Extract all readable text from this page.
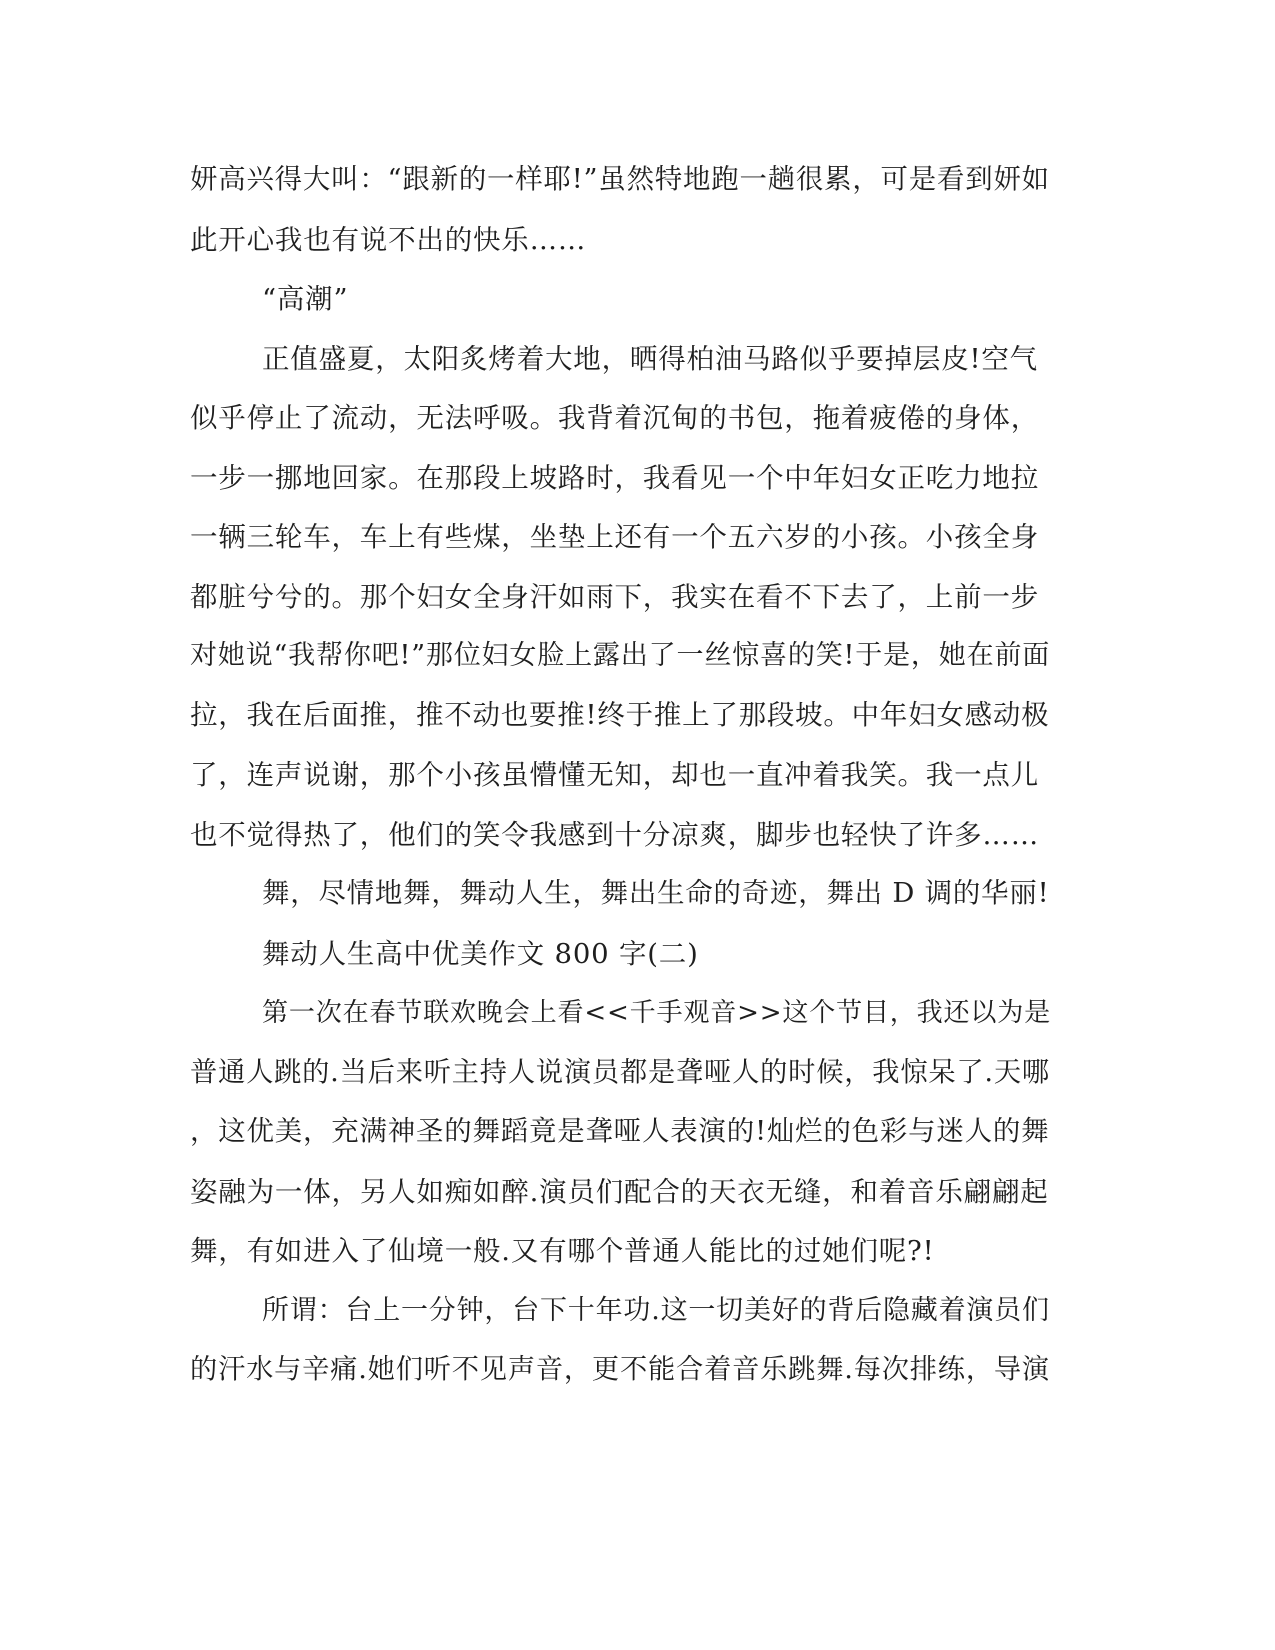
妍高兴得大叫：“跟新的一样耶!”虽然特地跑一趟很累，可是看到妍如
此开心我也有说不出的快乐……
“高潮”
正值盛夏，太阳炙烤着大地，晒得柏油马路似乎要掉层皮!空气
似乎停止了流动，无法呼吸。我背着沉甸的书包，拖着疲倦的身体，
一步一挪地回家。在那段上坡路时，我看见一个中年妇女正吃力地拉
一辆三轮车，车上有些煤，坐垫上还有一个五六岁的小孩。小孩全身
都脏兮兮的。那个妇女全身汗如雨下，我实在看不下去了，上前一步
对她说“我帮你吧!”那位妇女脸上露出了一丝惊喜的笑!于是，她在前面
拉，我在后面推，推不动也要推!终于推上了那段坡。中年妇女感动极
了，连声说谢，那个小孩虽懵懂无知，却也一直冲着我笑。我一点儿
也不觉得热了，他们的笑令我感到十分凉爽，脚步也轻快了许多……
舞，尽情地舞，舞动人生，舞出生命的奇迹，舞出 D 调的华丽!
舞动人生高中优美作文 800 字(二)
第一次在春节联欢晚会上看<<千手观音>>这个节目，我还以为是
普通人跳的.当后来听主持人说演员都是聋哑人的时候，我惊呆了.天哪
，这优美，充满神圣的舞蹈竟是聋哑人表演的!灿烂的色彩与迷人的舞
姿融为一体，另人如痴如醉.演员们配合的天衣无缝，和着音乐翩翩起
舞，有如进入了仙境一般.又有哪个普通人能比的过她们呢?!
所谓：台上一分钟，台下十年功.这一切美好的背后隐藏着演员们
的汗水与辛痛.她们听不见声音，更不能合着音乐跳舞.每次排练，导演
